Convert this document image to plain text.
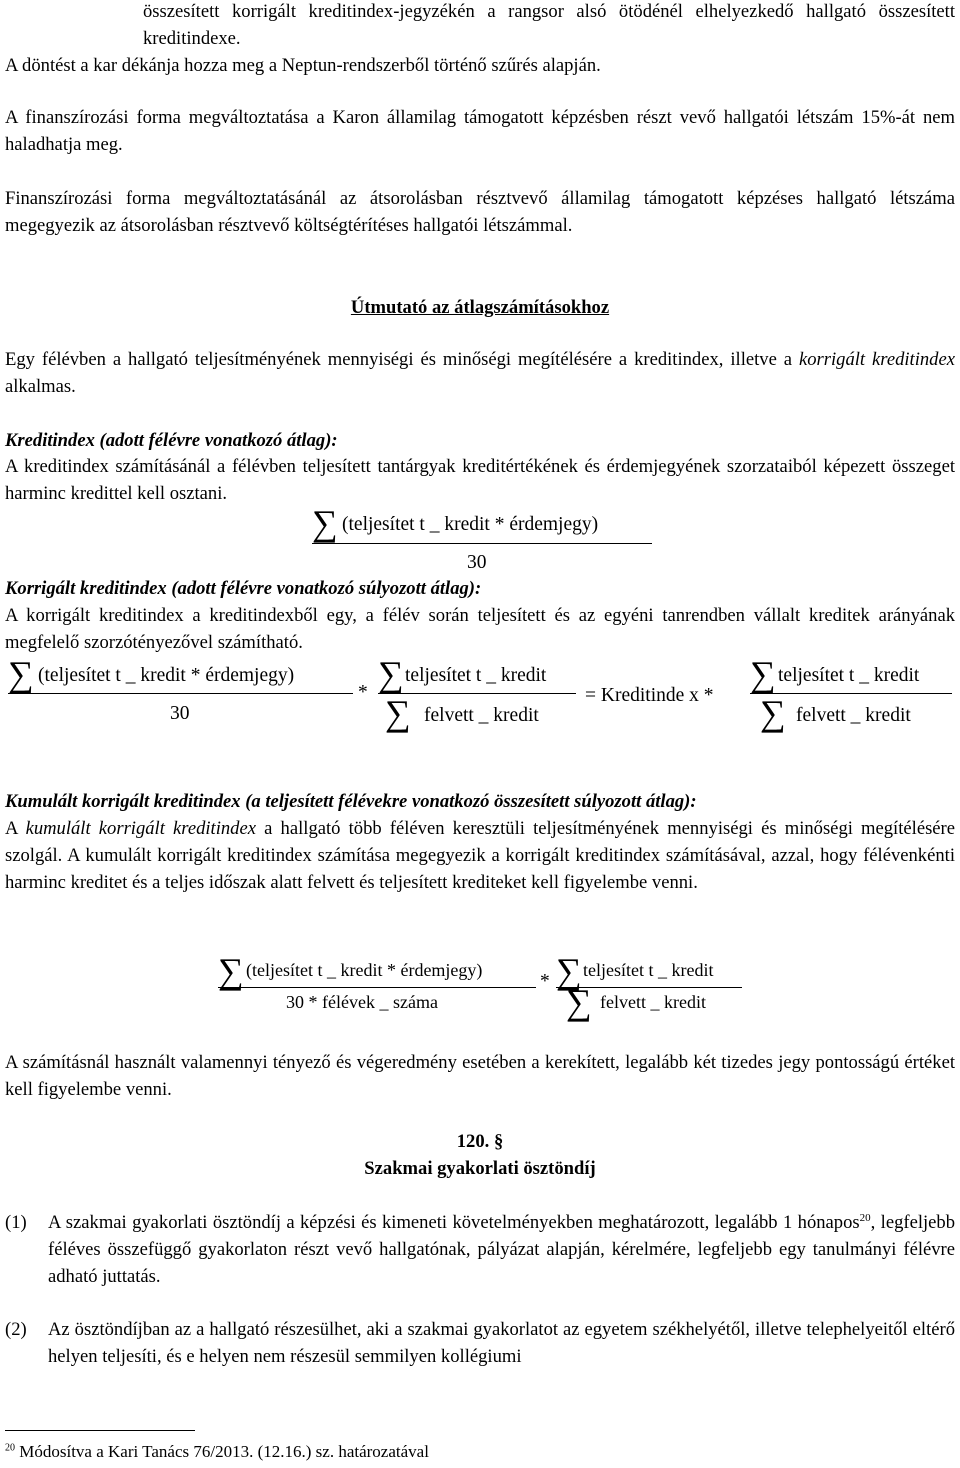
összesített korrigált kreditindex-jegyzékén a rangsor alsó ötödénél elhelyezkedő hallgató összesített kreditindexe.

A döntést a kar dékánja hozza meg a Neptun-rendszerből történő szűrés alapján.

A finanszírozási forma megváltoztatása a Karon államilag támogatott képzésben részt vevő hallgatói létszám 15%-át nem haladhatja meg.

Finanszírozási forma megváltoztatásánál az átsorolásban résztvevő államilag támogatott képzéses hallgató létszáma megegyezik az átsorolásban résztvevő költségtérítéses hallgatói létszámmal.

Útmutató az átlagszámításokhoz

Egy félévben a hallgató teljesítményének mennyiségi és minőségi megítélésére a kreditindex, illetve a korrigált kreditindex alkalmas.

Kreditindex (adott félévre vonatkozó átlag):

A kreditindex számításánál a félévben teljesített tantárgyak kreditértékének és érdemjegyének szorzataiból képezett összeget harminc kredittel kell osztani.

∑ (teljesítet t _ kredit * érdemjegy)
30

Korrigált kreditindex (adott félévre vonatkozó súlyozott átlag):

A korrigált kreditindex a kreditindexből egy, a félév során teljesített és az egyéni tanrendben vállalt kreditek arányának megfelelő szorzótényezővel számítható.

∑ (teljesítet t _ kredit * érdemjegy)
30
* ∑ teljesítet t _ kredit
∑ felvett _ kredit
= Kreditinde x *
∑ teljesítet t _ kredit
∑ felvett _ kredit

Kumulált korrigált kreditindex (a teljesített félévekre vonatkozó összesített súlyozott átlag):

A kumulált korrigált kreditindex a hallgató több féléven keresztüli teljesítményének mennyiségi és minőségi megítélésére szolgál. A kumulált korrigált kreditindex számítása megegyezik a korrigált kreditindex számításával, azzal, hogy félévenkénti harminc kreditet és a teljes időszak alatt felvett és teljesített krediteket kell figyelembe venni.

∑ (teljesítet t _ kredit * érdemjegy)
30 * félévek _ száma
* ∑ teljesítet t _ kredit
∑ felvett _ kredit

A számításnál használt valamennyi tényező és végeredmény esetében a kerekített, legalább két tizedes jegy pontosságú értéket kell figyelembe venni.

120. §
Szakmai gyakorlati ösztöndíj
(1) A szakmai gyakorlati ösztöndíj a képzési és kimeneti követelményekben meghatározott, legalább 1 hónapos$^{20}$, legfeljebb féléves összefüggő gyakorlaton részt vevő hallgatónak, pályázat alapján, kérelmére, legfeljebb egy tanulmányi félévre adható juttatás.

(2) Az ösztöndíjban az a hallgató részesülhet, aki a szakmai gyakorlatot az egyetem székhelyétől, illetve telephelyeitől eltérő helyen teljesíti, és e helyen nem részesül semmilyen kollégiumi

$^{20}$ Módosítva a Kari Tanács 76/2013. (12.16.) sz. határozatával
